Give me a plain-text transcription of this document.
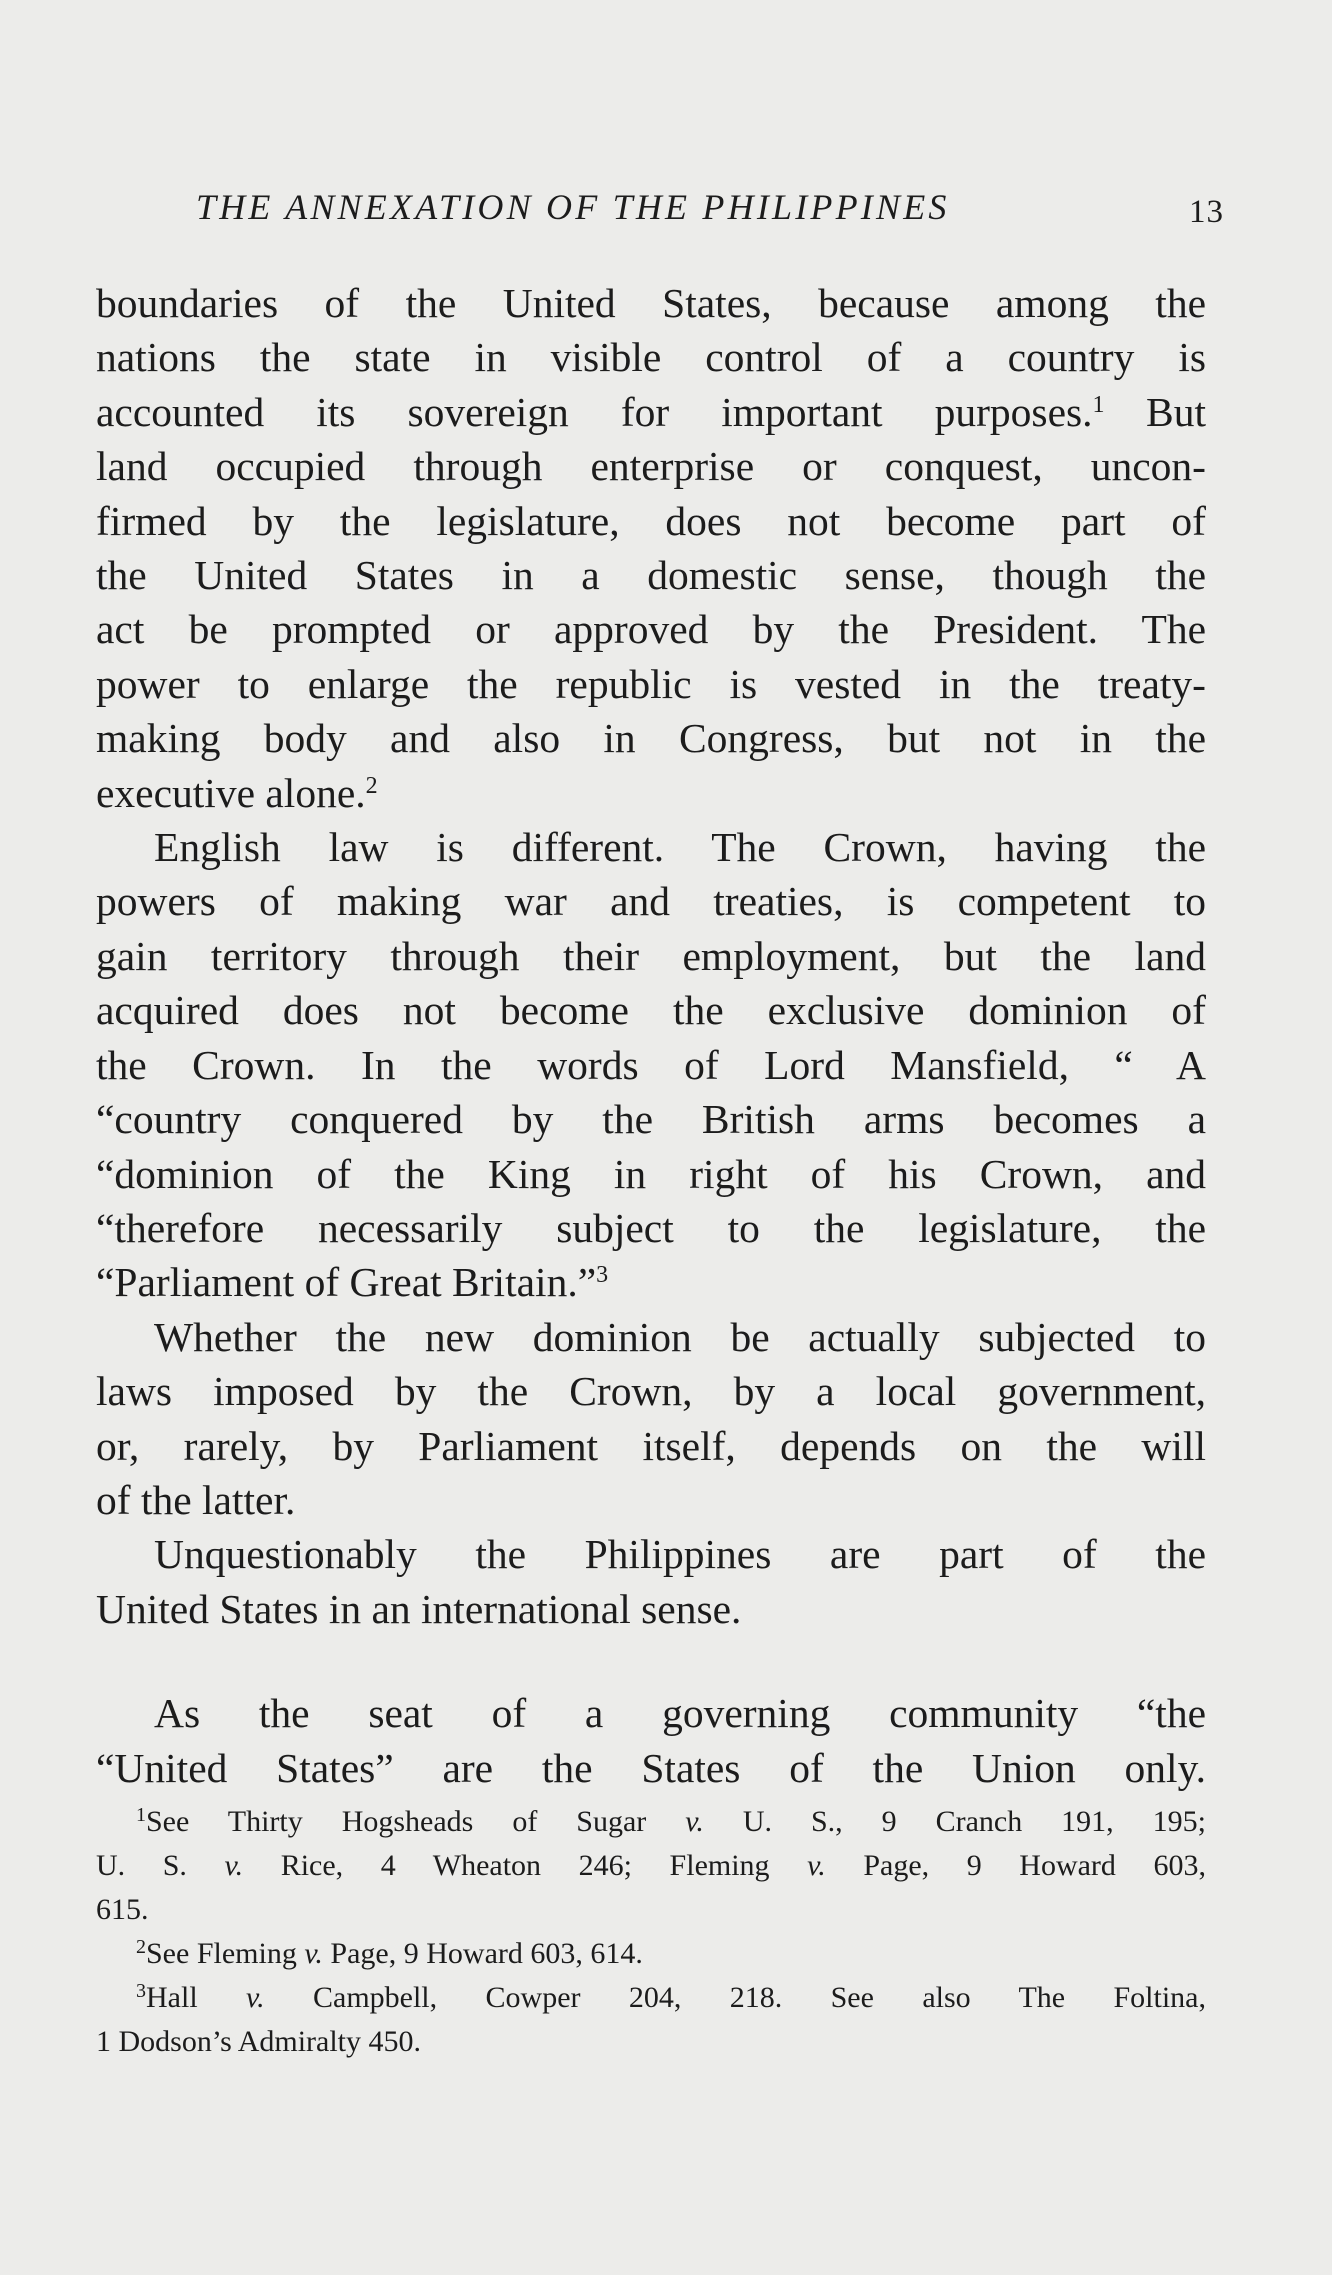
THE ANNEXATION OF THE PHILIPPINES	13

boundaries of the United States, because among the
nations the state in visible control of a country is
accounted its sovereign for important purposes.$^1$  But
land occupied through enterprise or conquest, uncon-
firmed by the legislature, does not become part of
the United States in a domestic sense, though the
act be prompted or approved by the President. The
power to enlarge the republic is vested in the treaty-
making body and also in Congress, but not in the
executive alone.$^2$

English law is different. The Crown, having the
powers of making war and treaties, is competent to
gain territory through their employment, but the land
acquired does not become the exclusive dominion of
the Crown. In the words of Lord Mansfield, “ A
“country conquered by the British arms becomes a
“dominion of the King in right of his Crown, and
“therefore necessarily subject to the legislature, the
“Parliament of Great Britain.”$^3$

Whether the new dominion be actually subjected to
laws imposed by the Crown, by a local government,
or, rarely, by Parliament itself, depends on the will
of the latter.

Unquestionably the Philippines are part of the
United States in an international sense.

As the seat of a governing community “the
“United States” are the States of the Union only.

$^1$See Thirty Hogsheads of Sugar v. U. S., 9 Cranch 191, 195;
U. S. v. Rice, 4 Wheaton 246; Fleming v. Page, 9 Howard 603,
615.

$^2$See Fleming v. Page, 9 Howard 603, 614.

$^3$Hall v. Campbell, Cowper 204, 218. See also The Foltina,
1 Dodson’s Admiralty 450.
